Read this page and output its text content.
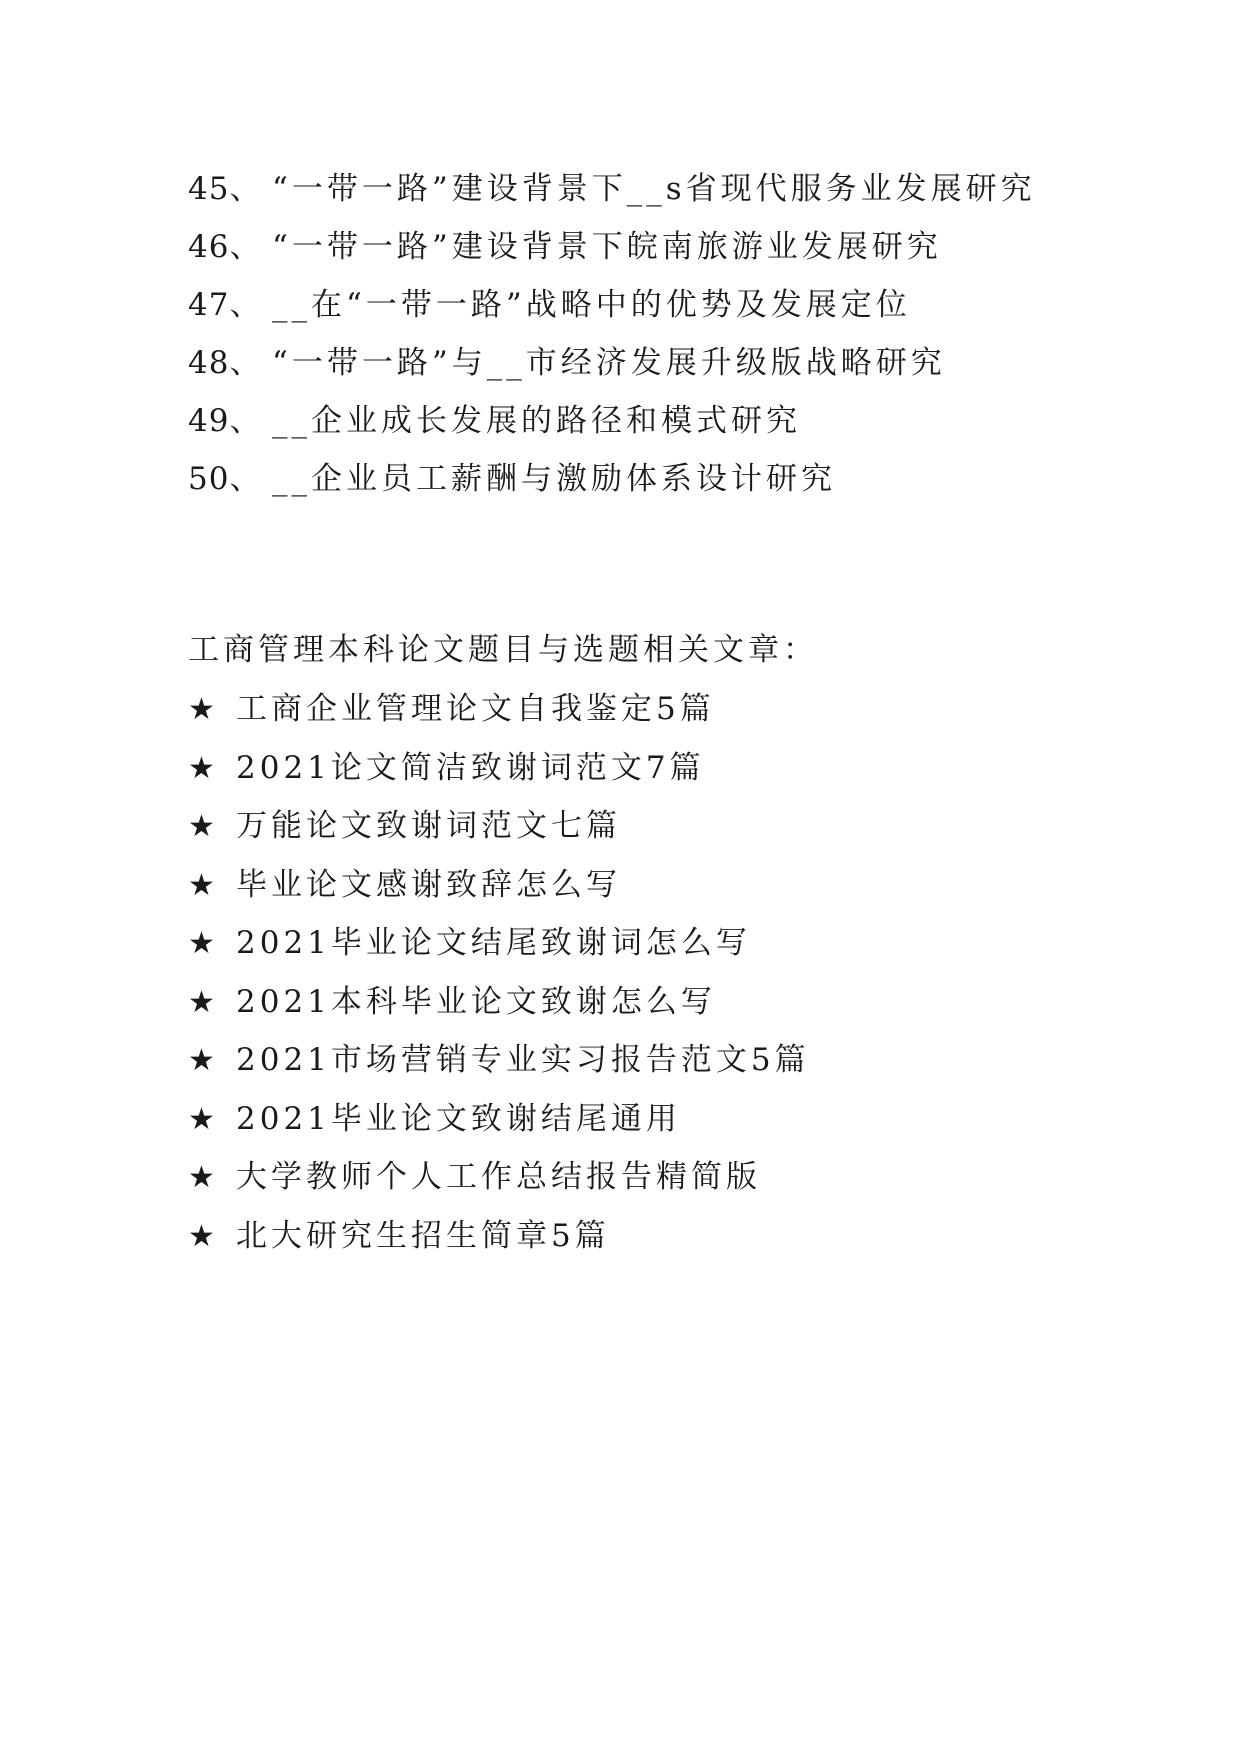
45、 “一带一路”建设背景下__s省现代服务业发展研究
46、 “一带一路”建设背景下皖南旅游业发展研究
47、 __在“一带一路”战略中的优势及发展定位
48、 “一带一路”与__市经济发展升级版战略研究
49、 __企业成长发展的路径和模式研究
50、 __企业员工薪酬与激励体系设计研究
工商管理本科论文题目与选题相关文章：
★ 工商企业管理论文自我鉴定5篇
★ 2021论文简洁致谢词范文7篇
★ 万能论文致谢词范文七篇
★ 毕业论文感谢致辞怎么写
★ 2021毕业论文结尾致谢词怎么写
★ 2021本科毕业论文致谢怎么写
★ 2021市场营销专业实习报告范文5篇
★ 2021毕业论文致谢结尾通用
★ 大学教师个人工作总结报告精简版
★ 北大研究生招生简章5篇
